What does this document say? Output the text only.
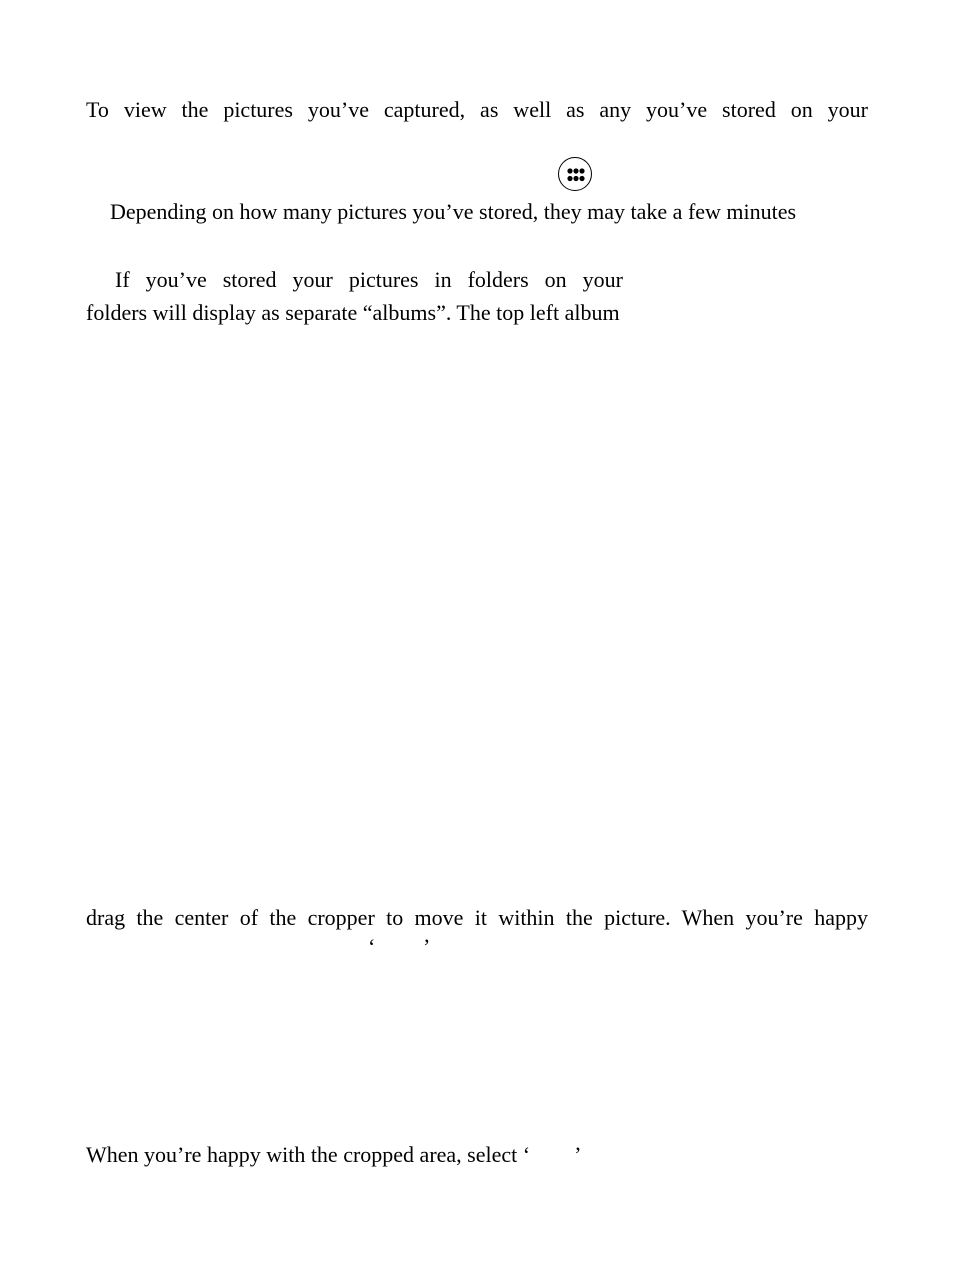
To view the pictures you’ve captured, as well as any you’ve stored on your
Depending on how many pictures you’ve stored, they may take a few minutes
If you’ve stored your pictures in folders on your
folders will display as separate “albums”. The top left album
drag the center of the cropper to move it within the picture. When you’re happy
‘ ’
When you’re happy with the cropped area, select ‘        ’
